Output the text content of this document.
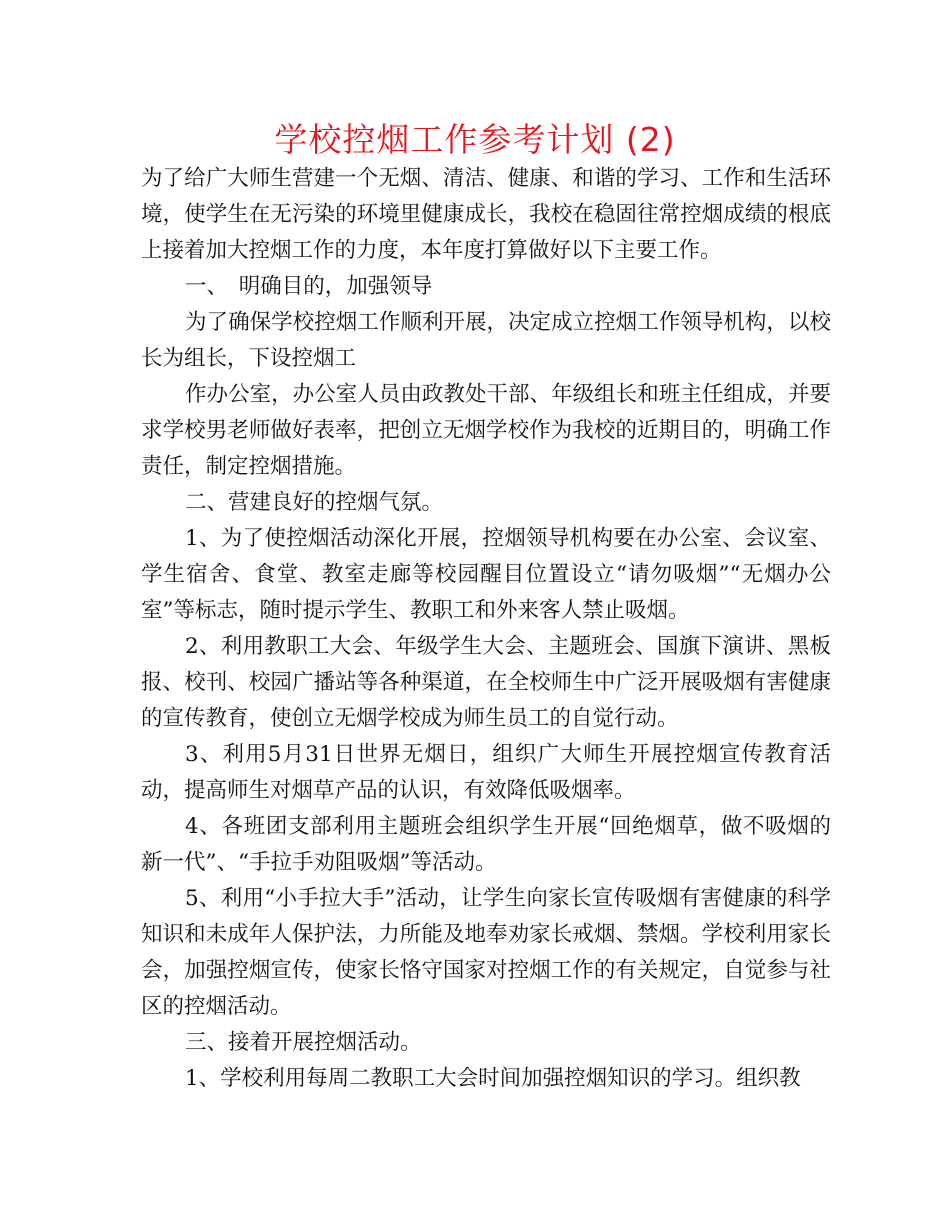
学校控烟工作参考计划 (2)

为了给广大师生营建一个无烟、清洁、健康、和谐的学习、工作和生活环境，使学生在无污染的环境里健康成长，我校在稳固往常控烟成绩的根底上接着加大控烟工作的力度，本年度打算做好以下主要工作。

一、　明确目的，加强领导

为了确保学校控烟工作顺利开展，决定成立控烟工作领导机构，以校长为组长，下设控烟工

作办公室，办公室人员由政教处干部、年级组长和班主任组成，并要求学校男老师做好表率，把创立无烟学校作为我校的近期目的，明确工作责任，制定控烟措施。

二、营建良好的控烟气氛。

1、为了使控烟活动深化开展，控烟领导机构要在办公室、会议室、学生宿舍、食堂、教室走廊等校园醒目位置设立“请勿吸烟”“无烟办公室”等标志，随时提示学生、教职工和外来客人禁止吸烟。

2、利用教职工大会、年级学生大会、主题班会、国旗下演讲、黑板报、校刊、校园广播站等各种渠道，在全校师生中广泛开展吸烟有害健康的宣传教育，使创立无烟学校成为师生员工的自觉行动。

3、利用5月31日世界无烟日，组织广大师生开展控烟宣传教育活动，提高师生对烟草产品的认识，有效降低吸烟率。

4、各班团支部利用主题班会组织学生开展“回绝烟草，做不吸烟的新一代”、“手拉手劝阻吸烟”等活动。

5、利用“小手拉大手”活动，让学生向家长宣传吸烟有害健康的科学知识和未成年人保护法，力所能及地奉劝家长戒烟、禁烟。学校利用家长会，加强控烟宣传，使家长恪守国家对控烟工作的有关规定，自觉参与社区的控烟活动。

三、接着开展控烟活动。

1、学校利用每周二教职工大会时间加强控烟知识的学习。组织教
